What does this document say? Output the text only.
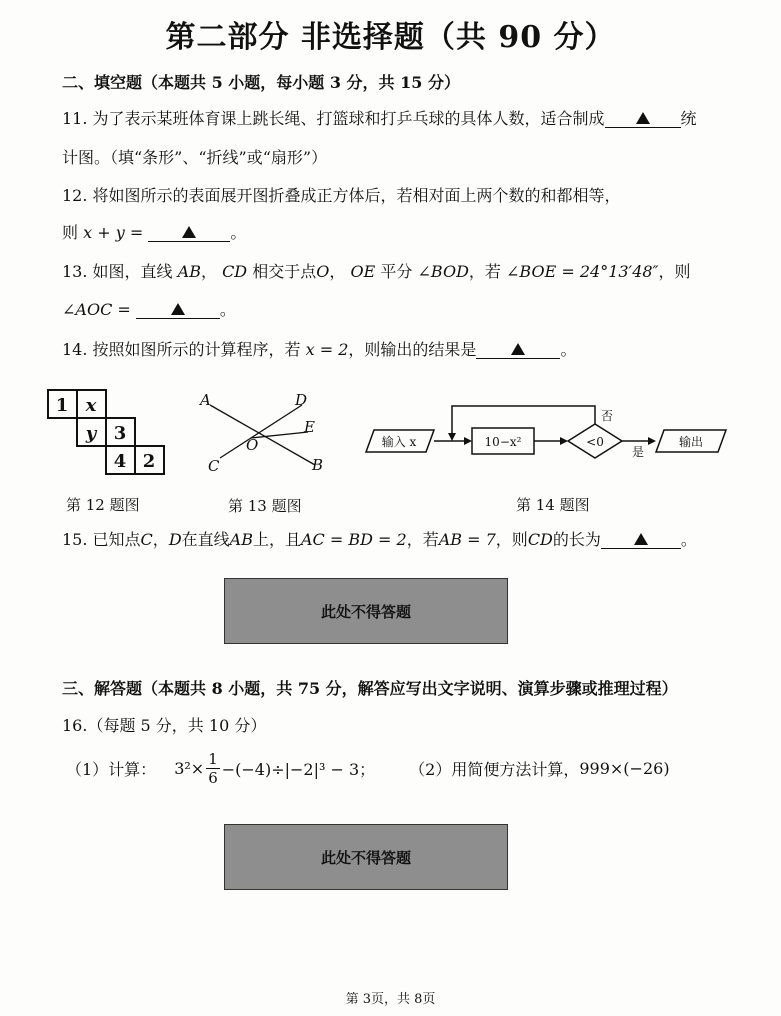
第二部分 非选择题（共 90 分）
二、填空题（本题共 5 小题，每小题 3 分，共 15 分）
11. 为了表示某班体育课上跳长绳、打篮球和打乒乓球的具体人数，适合制成	统
计图。（填“条形”、“折线”或“扇形”）
12. 将如图所示的表面展开图折叠成正方体后，若相对面上两个数的和都相等，
则 x + y =	。
13. 如图，直线 AB， CD 相交于点O， OE 平分 ∠BOD，若 ∠BOE = 24°13′48″，则
∠AOC =	。
14. 按照如图所示的计算程序，若 x = 2，则输出的结果是	。
1 x
y 3
4 2
A	D
E
O
C	B
输入 x	10−x²	<0
否
是
输出
第 12 题图	第 13 题图	第 14 题图
15. 已知点C，D在直线AB上，且AC = BD = 2，若AB = 7，则CD的长为	。
此处不得答题
三、解答题（本题共 8 小题，共 75 分，解答应写出文字说明、演算步骤或推理过程）
16.（每题 5 分，共 10 分）
（1）计算： $3^2\times \frac{1}{6} -(-4)\div|-2|^3 - 3$； （2）用简便方法计算， 999×(−26)
此处不得答题
第 3页，共 8页
